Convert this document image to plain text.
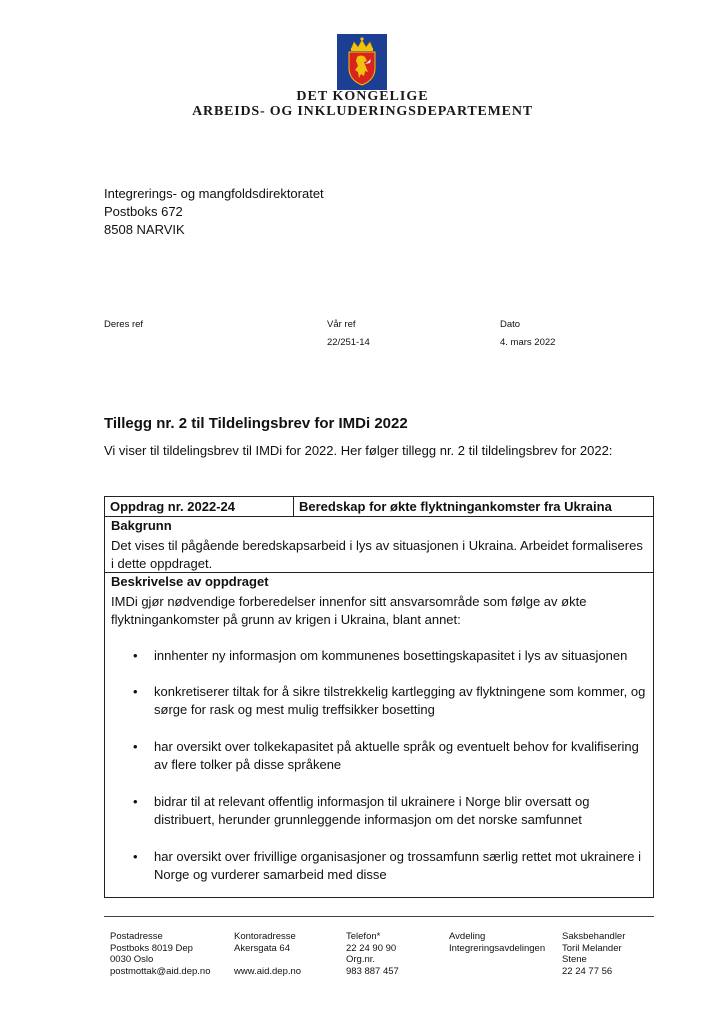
DET KONGELIGE
ARBEIDS- OG INKLUDERINGSDEPARTEMENT
Integrerings- og mangfoldsdirektoratet
Postboks 672
8508 NARVIK
Deres ref	Vår ref
22/251-14
Dato
4. mars 2022
Tillegg nr. 2 til Tildelingsbrev for IMDi 2022
Vi viser til tildelingsbrev til IMDi for 2022. Her følger tillegg nr. 2 til tildelingsbrev for 2022:
Oppdrag nr. 2022-24	Beredskap for økte flyktningankomster fra Ukraina
Bakgrunn
Det vises til pågående beredskapsarbeid i lys av situasjonen i Ukraina. Arbeidet formaliseres i dette oppdraget.
Beskrivelse av oppdraget
IMDi gjør nødvendige forberedelser innenfor sitt ansvarsområde som følge av økte flyktningankomster på grunn av krigen i Ukraina, blant annet:
• innhenter ny informasjon om kommunenes bosettingskapasitet i lys av situasjonen
• konkretiserer tiltak for å sikre tilstrekkelig kartlegging av flyktningene som kommer, og sørge for rask og mest mulig treffsikker bosetting
• har oversikt over tolkekapasitet på aktuelle språk og eventuelt behov for kvalifisering av flere tolker på disse språkene
• bidrar til at relevant offentlig informasjon til ukrainere i Norge blir oversatt og distribuert, herunder grunnleggende informasjon om det norske samfunnet
• har oversikt over frivillige organisasjoner og trossamfunn særlig rettet mot ukrainere i Norge og vurderer samarbeid med disse
Postadresse
Postboks 8019 Dep
0030 Oslo
postmottak@aid.dep.no
Kontoradresse
Akersgata 64

www.aid.dep.no
Telefon*
22 24 90 90
Org.nr.
983 887 457
Avdeling
Integreringsavdelingen
Saksbehandler
Toril Melander
Stene
22 24 77 56
